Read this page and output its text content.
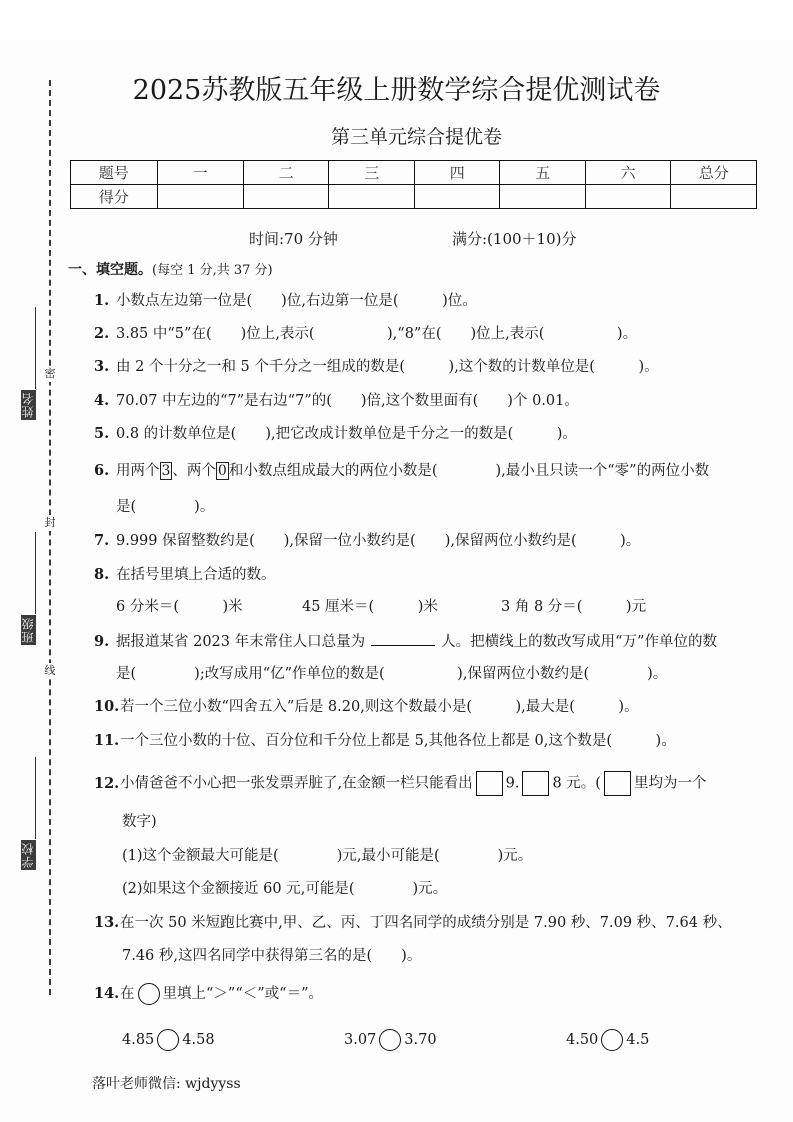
密
封
线
姓名
班级
学校
2025苏教版五年级上册数学综合提优测试卷
第三单元综合提优卷
题号	一	二	三	四	五	六	总分
得分							
时间:70 分钟	满分:(100＋10)分
一、填空题。(每空 1 分,共 37 分)
1. 小数点左边第一位是(　　)位,右边第一位是(　　　)位。
2. 3.85 中“5”在(　　)位上,表示(　　　　　),“8”在(　　)位上,表示(　　　　　)。
3. 由 2 个十分之一和 5 个千分之一组成的数是(　　　),这个数的计数单位是(　　　)。
4. 70.07 中左边的“7”是右边“7”的(　　)倍,这个数里面有(　　)个 0.01。
5. 0.8 的计数单位是(　　),把它改成计数单位是千分之一的数是(　　　)。
6. 用两个 3 、两个 0 和小数点组成最大的两位小数是(　　　　),最小且只读一个“零”的两位小数
是(　　　　)。
7. 9.999 保留整数约是(　　),保留一位小数约是(　　),保留两位小数约是(　　　)。
8. 在括号里填上合适的数。
6 分米＝(　　　)米	45 厘米＝(　　　)米	3 角 8 分＝(　　　)元
9. 据报道某省 2023 年末常住人口总量为	人。把横线上的数改写成用“万”作单位的数
是(　　　　);改写成用“亿”作单位的数是(　　　　　),保留两位小数约是(　　　　)。
10.若一个三位小数“四舍五入”后是 8.20,则这个数最小是(　　　),最大是(　　　)。
11.一个三位小数的十位、百分位和千分位上都是 5,其他各位上都是 0,这个数是(　　　)。
12.小倩爸爸不小心把一张发票弄脏了,在金额一栏只能看出 9. 8 元。( 里均为一个
数字)
(1)这个金额最大可能是(　　　　)元,最小可能是(　　　　)元。
(2)如果这个金额接近 60 元,可能是(　　　　)元。
13.在一次 50 米短跑比赛中,甲、乙、丙、丁四名同学的成绩分别是 7.90 秒、7.09 秒、7.64 秒、
7.46 秒,这四名同学中获得第三名的是(　　)。
14.在 里填上“＞”“＜”或“＝”。
4.85 4.58	3.07 3.70	4.50 4.5
落叶老师微信: wjdyyss
